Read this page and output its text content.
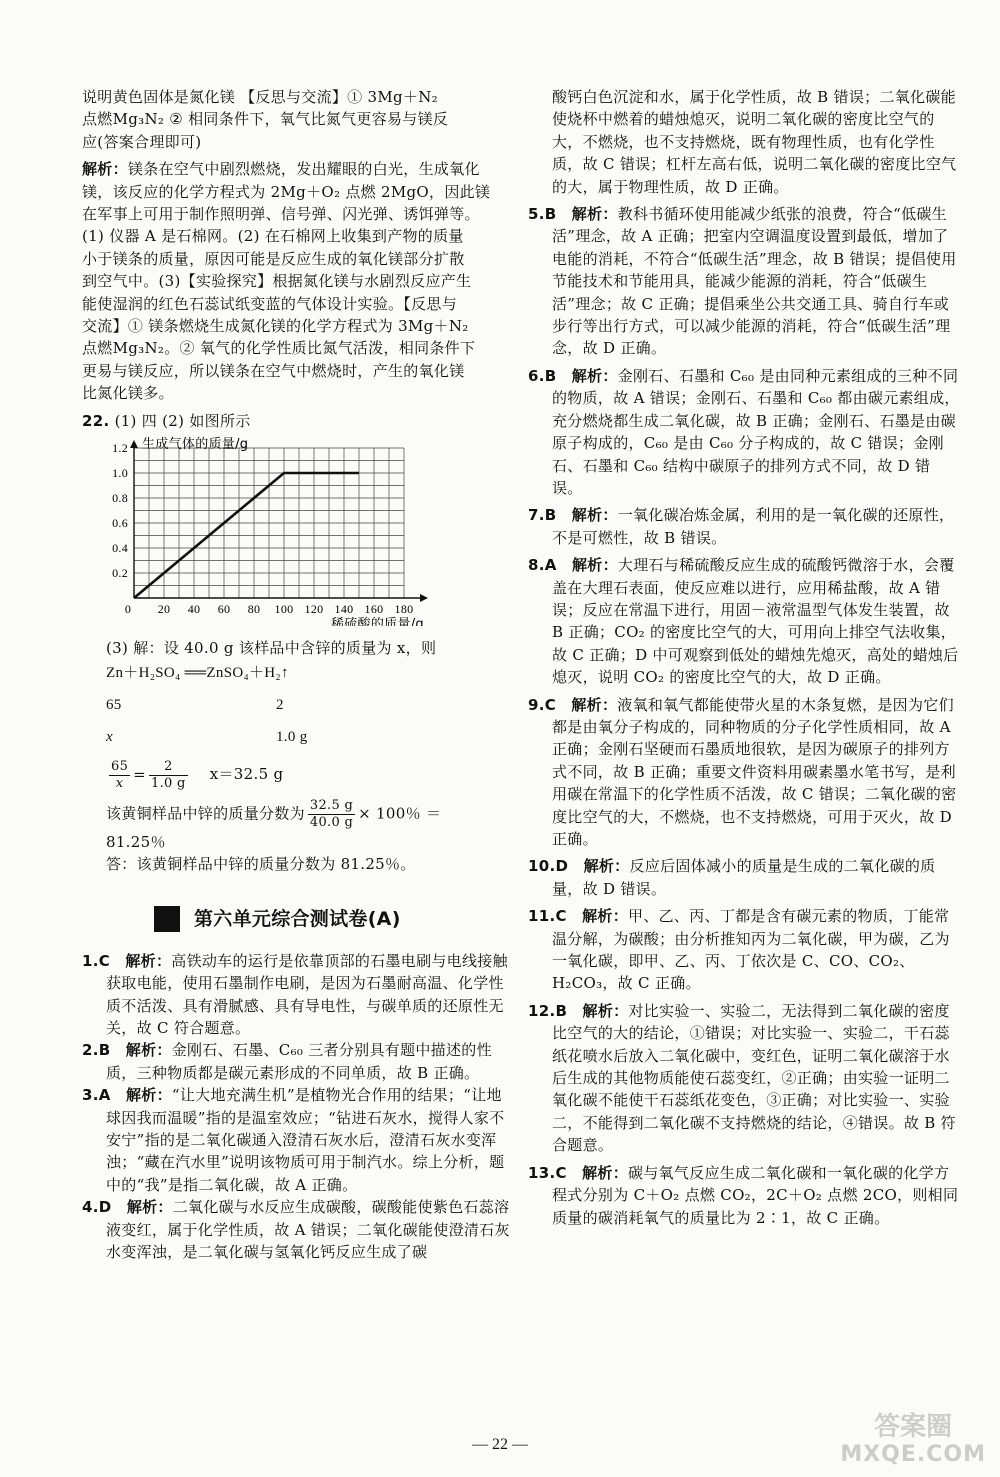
说明黄色固体是氮化镁 【反思与交流】① 3Mg＋N₂

点燃Mg₃N₂ ② 相同条件下，氧气比氮气更容易与镁反

应(答案合理即可)

解析：镁条在空气中剧烈燃烧，发出耀眼的白光，生成氧化

镁，该反应的化学方程式为 2Mg＋O₂ 点燃 2MgO，因此镁

在军事上可用于制作照明弹、信号弹、闪光弹、诱饵弹等。

(1) 仪器 A 是石棉网。(2) 在石棉网上收集到产物的质量

小于镁条的质量，原因可能是反应生成的氧化镁部分扩散

到空气中。(3)【实验探究】根据氮化镁与水剧烈反应产生

能使湿润的红色石蕊试纸变蓝的气体设计实验。【反思与

交流】① 镁条燃烧生成氮化镁的化学方程式为 3Mg＋N₂

点燃Mg₃N₂。② 氧气的化学性质比氮气活泼，相同条件下

更易与镁反应，所以镁条在空气中燃烧时，产生的氧化镁

比氮化镁多。

22. (1) 四 (2) 如图所示

0.2
0.4
0.6
0.8
1.0
1.2
0 20 40 60 80 100 120 140 160 180
生成气体的质量/g
稀硫酸的质量/g

(3) 解：设 40.0 g 该样品中含锌的质量为 x，则

Zn＋H₂SO₄ ══ZnSO₄＋H₂↑	
65	2
x	1.0 g

$\frac{65}{x} = \frac{2}{1.0 g} x=32.5$ g

该黄铜样品中锌的质量分数为 $\frac{32.5 g}{40.0 g} \times 100$％ ＝

81.25％

答：该黄铜样品中锌的质量分数为 81.25％。

第六单元综合测试卷(A)

1.C　 解析：高铁动车的运行是依靠顶部的石墨电刷与电线接触获取电能，使用石墨制作电刷，是因为石墨耐高温、化学性质不活泼、具有滑腻感、具有导电性，与碳单质的还原性无关，故 C 符合题意。

2.B　 解析：金刚石、石墨、C₆₀ 三者分别具有题中描述的性质，三种物质都是碳元素形成的不同单质，故 B 正确。

3.A　 解析：“让大地充满生机”是植物光合作用的结果；“让地球因我而温暖”指的是温室效应；“钻进石灰水，搅得人家不安宁”指的是二氧化碳通入澄清石灰水后，澄清石灰水变浑浊；“藏在汽水里”说明该物质可用于制汽水。综上分析，题中的“我”是指二氧化碳，故 A 正确。

4.D　 解析：二氧化碳与水反应生成碳酸，碳酸能使紫色石蕊溶液变红，属于化学性质，故 A 错误；二氧化碳能使澄清石灰水变浑浊，是二氧化碳与氢氧化钙反应生成了碳

酸钙白色沉淀和水，属于化学性质，故 B 错误；二氧化碳能使烧杯中燃着的蜡烛熄灭，说明二氧化碳的密度比空气的大，不燃烧，也不支持燃烧，既有物理性质，也有化学性质，故 C 错误；杠杆左高右低，说明二氧化碳的密度比空气的大，属于物理性质，故 D 正确。

5.B　 解析：教科书循环使用能减少纸张的浪费，符合“低碳生活”理念，故 A 正确；把室内空调温度设置到最低，增加了电能的消耗，不符合“低碳生活”理念，故 B 错误；提倡使用节能技术和节能用具，能减少能源的消耗，符合“低碳生活”理念；故 C 正确；提倡乘坐公共交通工具、骑自行车或步行等出行方式，可以减少能源的消耗，符合“低碳生活”理念，故 D 正确。

6.B　 解析：金刚石、石墨和 C₆₀ 是由同种元素组成的三种不同的物质，故 A 错误；金刚石、石墨和 C₆₀ 都由碳元素组成，充分燃烧都生成二氧化碳，故 B 正确；金刚石、石墨是由碳原子构成的，C₆₀ 是由 C₆₀ 分子构成的，故 C 错误；金刚石、石墨和 C₆₀ 结构中碳原子的排列方式不同，故 D 错误。

7.B　 解析：一氧化碳冶炼金属，利用的是一氧化碳的还原性，不是可燃性，故 B 错误。

8.A　 解析：大理石与稀硫酸反应生成的硫酸钙微溶于水，会覆盖在大理石表面，使反应难以进行，应用稀盐酸，故 A 错误；反应在常温下进行，用固－液常温型气体发生装置，故 B 正确；CO₂ 的密度比空气的大，可用向上排空气法收集，故 C 正确；D 中可观察到低处的蜡烛先熄灭，高处的蜡烛后熄灭，说明 CO₂ 的密度比空气的大，故 D 正确。

9.C　 解析：液氧和氧气都能使带火星的木条复燃，是因为它们都是由氧分子构成的，同种物质的分子化学性质相同，故 A 正确；金刚石坚硬而石墨质地很软，是因为碳原子的排列方式不同，故 B 正确；重要文件资料用碳素墨水笔书写，是利用碳在常温下的化学性质不活泼，故 C 错误；二氧化碳的密度比空气的大，不燃烧，也不支持燃烧，可用于灭火，故 D 正确。

10.D　 解析：反应后固体减小的质量是生成的二氧化碳的质量，故 D 错误。

11.C　 解析：甲、乙、丙、丁都是含有碳元素的物质，丁能常温分解，为碳酸；由分析推知丙为二氧化碳，甲为碳，乙为一氧化碳，即甲、乙、丙、丁依次是 C、CO、CO₂、H₂CO₃，故 C 正确。

12.B　 解析：对比实验一、实验二，无法得到二氧化碳的密度比空气的大的结论，①错误；对比实验一、实验二，干石蕊纸花喷水后放入二氧化碳中，变红色，证明二氧化碳溶于水后生成的其他物质能使石蕊变红，②正确；由实验一证明二氧化碳不能使干石蕊纸花变色，③正确；对比实验一、实验二，不能得到二氧化碳不支持燃烧的结论，④错误。故 B 符合题意。

13.C　 解析：碳与氧气反应生成二氧化碳和一氧化碳的化学方程式分别为 C＋O₂ 点燃 CO₂，2C＋O₂ 点燃 2CO，则相同质量的碳消耗氧气的质量比为 2∶1，故 C 正确。

— 22 —
答案圈
MXQE.COM
